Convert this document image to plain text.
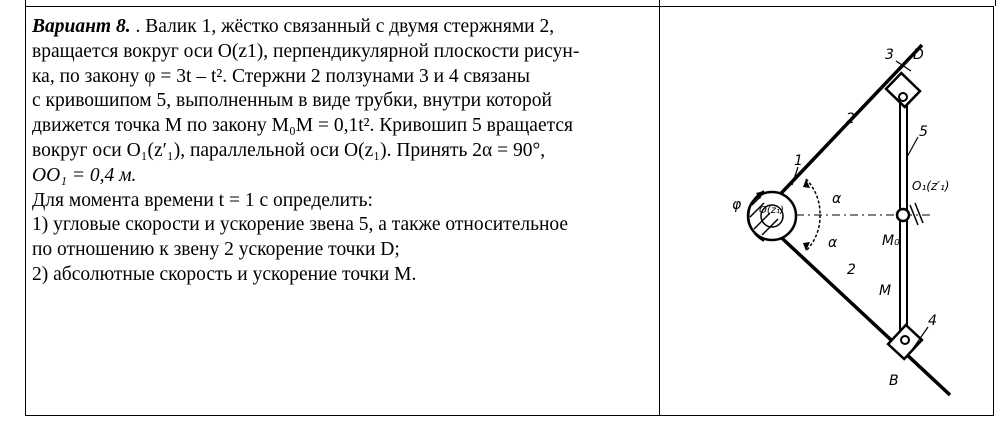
Вариант 8. . Валик 1, жёстко связанный с двумя стержнями 2,

вращается вокруг оси O(z1), перпендикулярной плоскости рисун-

ка, по закону φ = 3t – t². Стержни 2 ползунами 3 и 4 связаны

с кривошипом 5, выполненным в виде трубки, внутри которой

движется точка M по закону M₀M = 0,1t². Кривошип 5 вращается

вокруг оси O₁(z′₁), параллельной оси O(z₁). Принять 2α = 90°,

OO₁ = 0,4 м.

Для момента времени t = 1 с определить:

1) угловые скорости и ускорение звена 5, а также относительное

по отношению к звену 2 ускорение точки D;

2) абсолютные скорость и ускорение точки M.

3 D
2
5
1
φ O(z₁)
α
α
O₁(z′₁)
M₀
2
M
4
B
